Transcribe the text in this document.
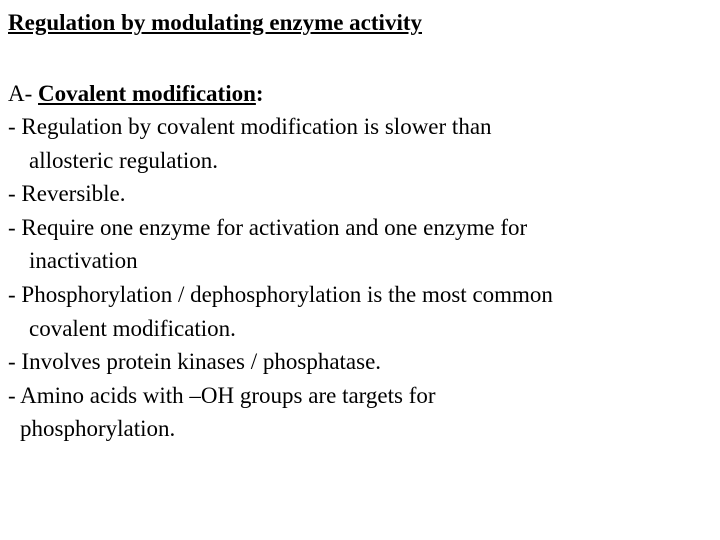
Regulation by modulating enzyme activity
A- Covalent modification:
- Regulation by covalent modification is slower than
allosteric regulation.
- Reversible.
- Require one enzyme for activation and one enzyme for
inactivation
- Phosphorylation / dephosphorylation is the most common
covalent modification.
- Involves protein kinases / phosphatase.
- Amino acids with –OH groups are targets for
phosphorylation.
